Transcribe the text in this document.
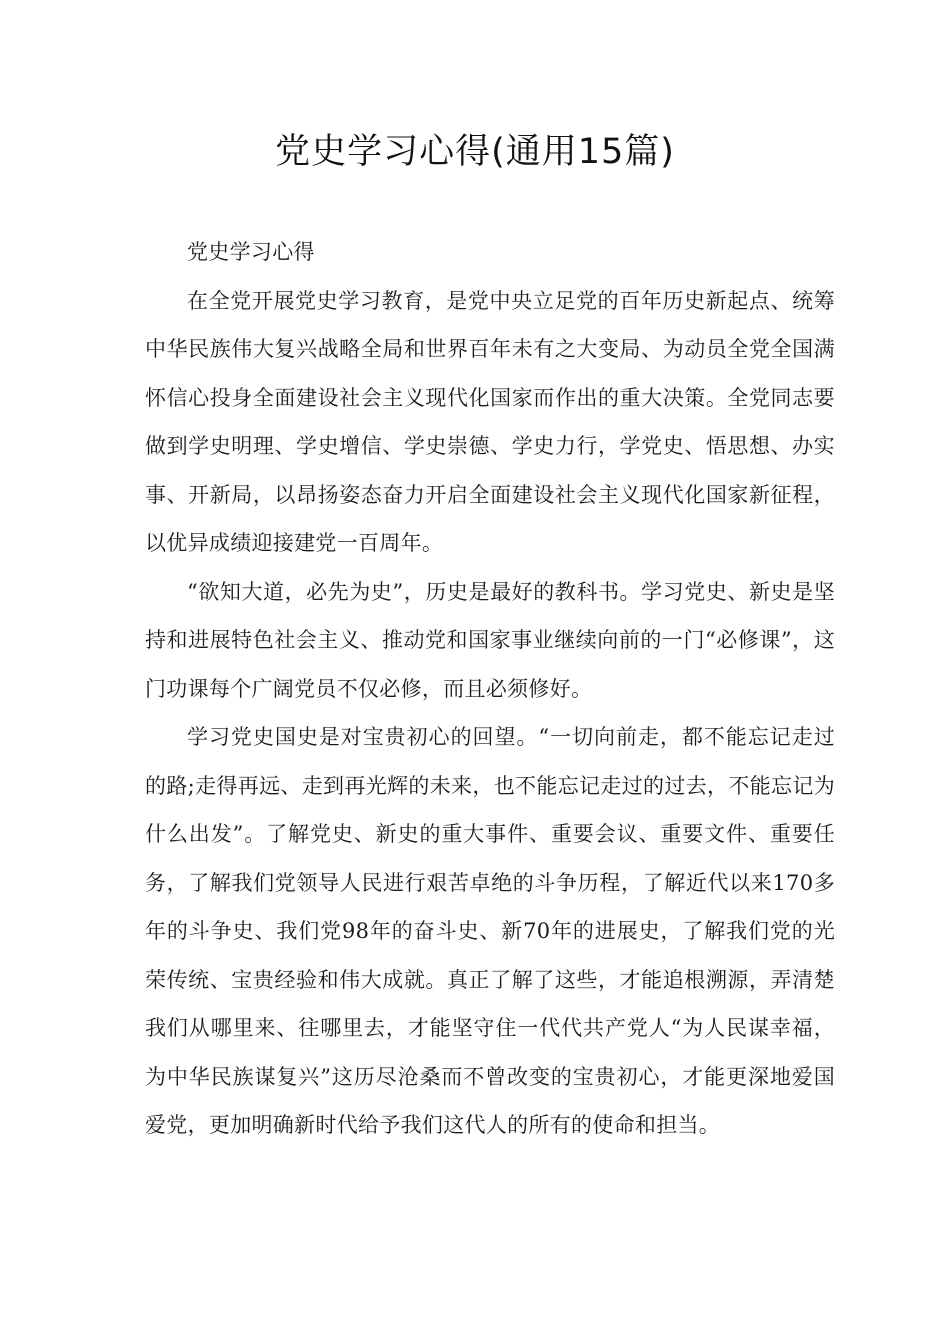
党史学习心得(通用15篇)

党史学习心得

在全党开展党史学习教育，是党中央立足党的百年历史新起点、统筹中华民族伟大复兴战略全局和世界百年未有之大变局、为动员全党全国满怀信心投身全面建设社会主义现代化国家而作出的重大决策。全党同志要做到学史明理、学史增信、学史崇德、学史力行，学党史、悟思想、办实事、开新局，以昂扬姿态奋力开启全面建设社会主义现代化国家新征程，以优异成绩迎接建党一百周年。

“欲知大道，必先为史”，历史是最好的教科书。学习党史、新史是坚持和进展特色社会主义、推动党和国家事业继续向前的一门“必修课”，这门功课每个广阔党员不仅必修，而且必须修好。

学习党史国史是对宝贵初心的回望。“一切向前走，都不能忘记走过的路;走得再远、走到再光辉的未来，也不能忘记走过的过去，不能忘记为什么出发”。了解党史、新史的重大事件、重要会议、重要文件、重要任务，了解我们党领导人民进行艰苦卓绝的斗争历程，了解近代以来170多年的斗争史、我们党98年的奋斗史、新70年的进展史，了解我们党的光荣传统、宝贵经验和伟大成就。真正了解了这些，才能追根溯源，弄清楚我们从哪里来、往哪里去，才能坚守住一代代共产党人“为人民谋幸福，为中华民族谋复兴”这历尽沧桑而不曾改变的宝贵初心，才能更深地爱国爱党，更加明确新时代给予我们这代人的所有的使命和担当。
